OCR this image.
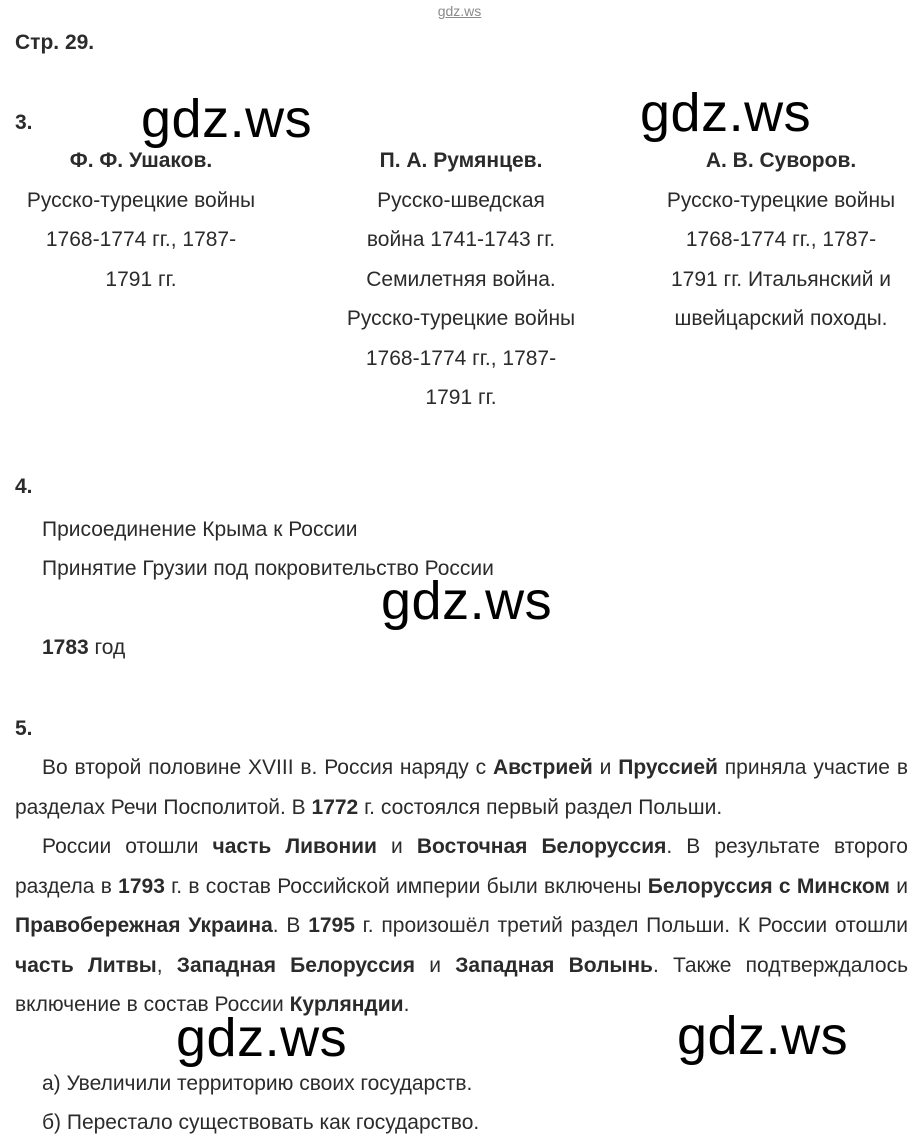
gdz.ws
Стр. 29.
3.
Ф. Ф. Ушаков.
Русско-турецкие войны
1768-1774 гг., 1787-
1791 гг.
П. А. Румянцев.
Русско-шведская
война 1741-1743 гг.
Семилетняя война.
Русско-турецкие войны
1768-1774 гг., 1787-
1791 гг.
А. В. Суворов.
Русско-турецкие войны
1768-1774 гг., 1787-
1791 гг. Итальянский и
швейцарский походы.
4.
Присоединение Крыма к России
Принятие Грузии под покровительство России
1783 год
5.

Во второй половине XVIII в. Россия наряду с Австрией и Пруссией приняла участие в разделах Речи Посполитой. В 1772 г. состоялся первый раздел Польши.

России отошли часть Ливонии и Восточная Белоруссия. В результате второго раздела в 1793 г. в состав Российской империи были включены Белоруссия с Минском и Правобережная Украина. В 1795 г. произошёл третий раздел Польши. К России отошли часть Литвы, Западная Белоруссия и Западная Волынь. Также подтверждалось включение в состав России Курляндии.

а) Увеличили территорию своих государств.
б) Перестало существовать как государство.
gdz.ws	gdz.ws
gdz.ws
gdz.ws	gdz.ws
